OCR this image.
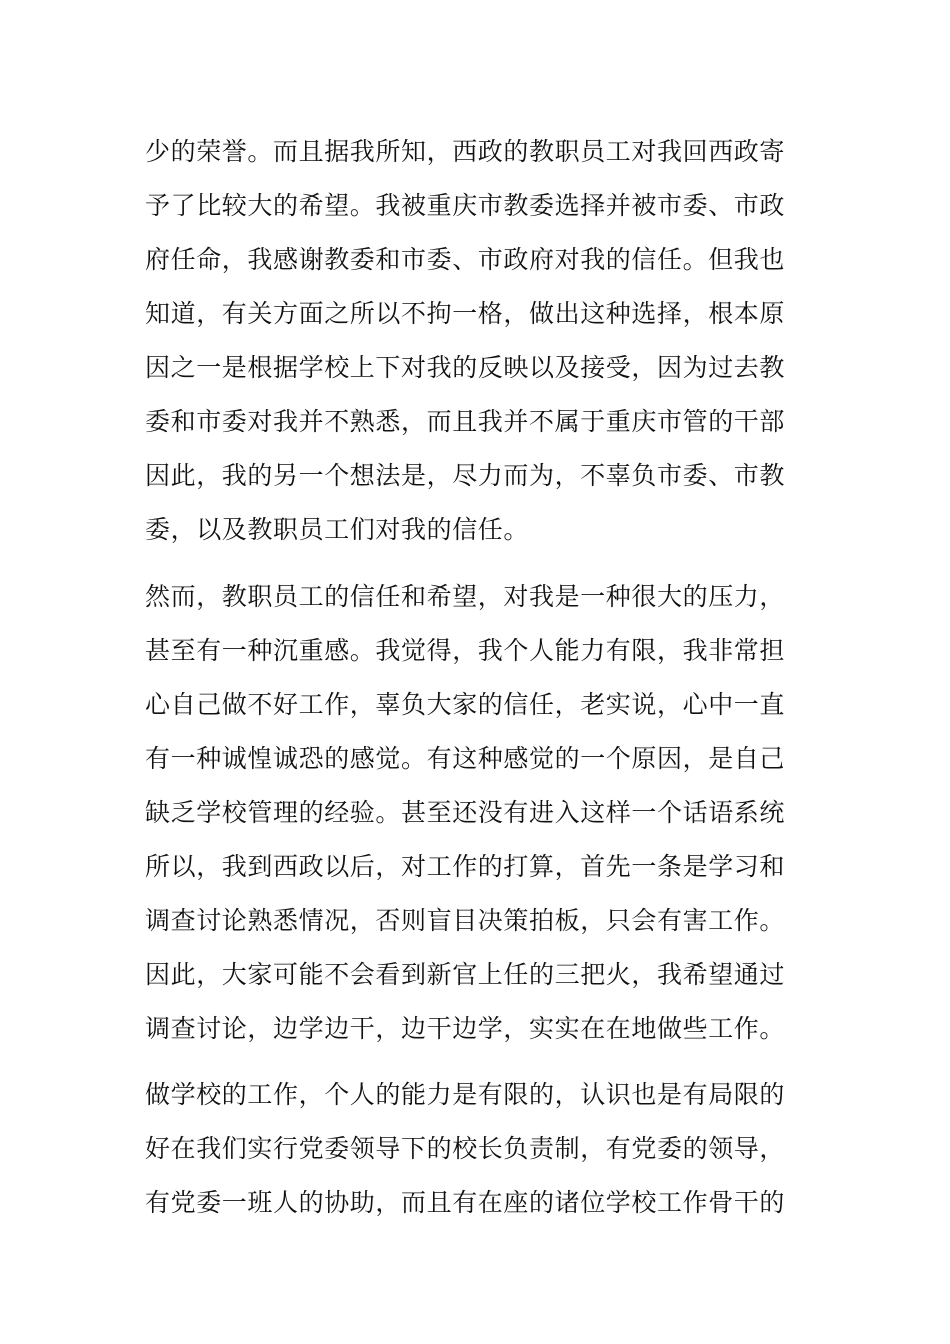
少的荣誉。而且据我所知，西政的教职员工对我回西政寄
予了比较大的希望。我被重庆市教委选择并被市委、市政
府任命，我感谢教委和市委、市政府对我的信任。但我也
知道，有关方面之所以不拘一格，做出这种选择，根本原
因之一是根据学校上下对我的反映以及接受，因为过去教
委和市委对我并不熟悉，而且我并不属于重庆市管的干部
因此，我的另一个想法是，尽力而为，不辜负市委、市教
委，以及教职员工们对我的信任。
然而，教职员工的信任和希望，对我是一种很大的压力，
甚至有一种沉重感。我觉得，我个人能力有限，我非常担
心自己做不好工作，辜负大家的信任，老实说，心中一直
有一种诚惶诚恐的感觉。有这种感觉的一个原因，是自己
缺乏学校管理的经验。甚至还没有进入这样一个话语系统
所以，我到西政以后，对工作的打算，首先一条是学习和
调查讨论熟悉情况，否则盲目决策拍板，只会有害工作。
因此，大家可能不会看到新官上任的三把火，我希望通过
调查讨论，边学边干，边干边学，实实在在地做些工作。
做学校的工作，个人的能力是有限的，认识也是有局限的
好在我们实行党委领导下的校长负责制，有党委的领导，
有党委一班人的协助，而且有在座的诸位学校工作骨干的
